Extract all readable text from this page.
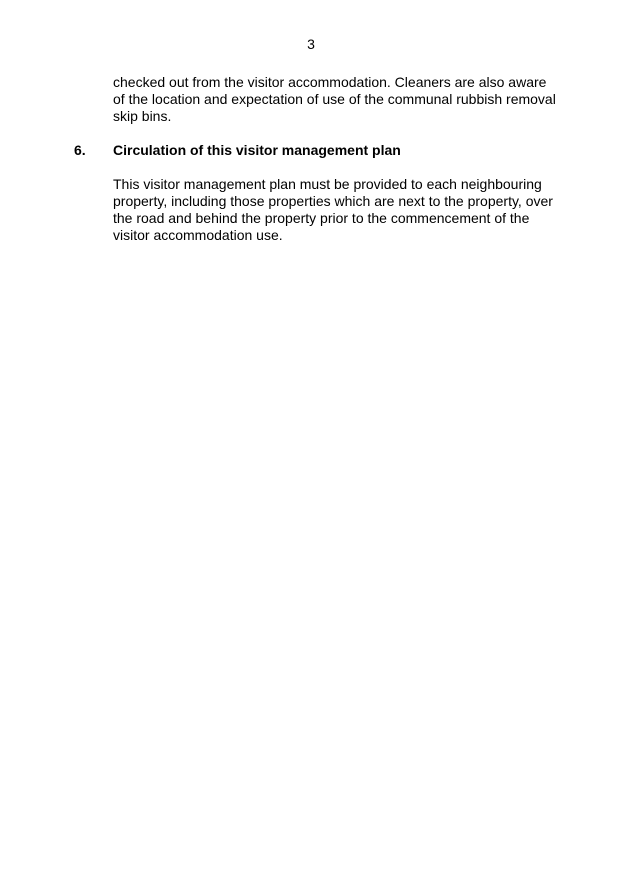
3
checked out from the visitor accommodation. Cleaners are also aware
of the location and expectation of use of the communal rubbish removal
skip bins.
6. Circulation of this visitor management plan
This visitor management plan must be provided to each neighbouring
property, including those properties which are next to the property, over
the road and behind the property prior to the commencement of the
visitor accommodation use.
